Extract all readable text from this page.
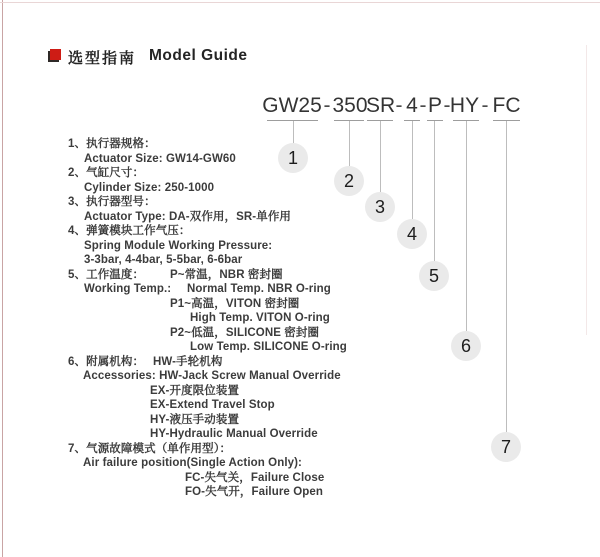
选型指南 Model Guide
GW25 - 350
SR - 4 - P - HY - FC
1
2
3
4
5
6
7
1、执行器规格：
Actuator Size: GW14-GW60
2、气缸尺寸：
Cylinder Size: 250-1000
3、执行器型号：
Actuator Type: DA-双作用，SR-单作用
4、弹簧模块工作气压：
Spring Module Working Pressure:
3-3bar, 4-4bar, 5-5bar, 6-6bar
5、工作温度： P~常温，NBR 密封圈
Working Temp.: Normal Temp. NBR O-ring
P1~高温，VITON 密封圈
High Temp. VITON O-ring
P2~低温，SILICONE 密封圈
Low Temp. SILICONE O-ring
6、附属机构： HW-手轮机构
Accessories: HW-Jack Screw Manual Override
EX-开度限位装置
EX-Extend Travel Stop
HY-液压手动装置
HY-Hydraulic Manual Override
7、气源故障模式（单作用型）：
Air failure position(Single Action Only):
FC-失气关，Failure Close
FO-失气开，Failure Open
